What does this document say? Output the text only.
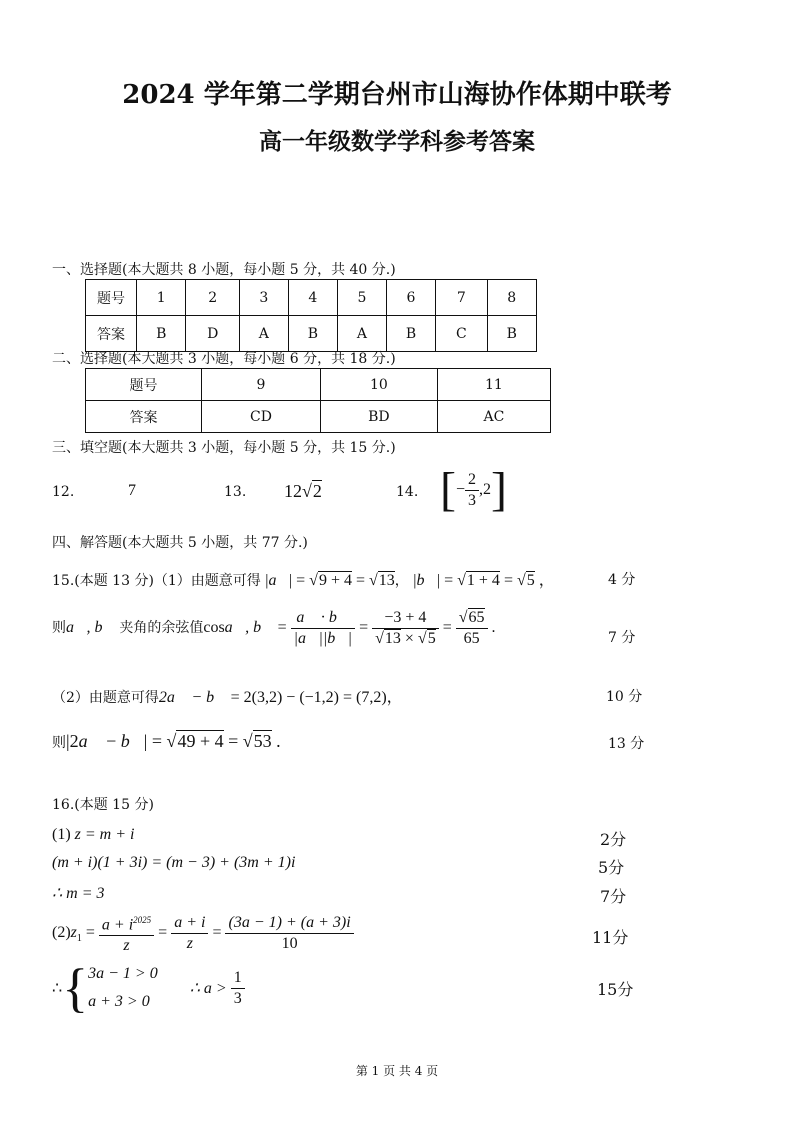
2024 学年第二学期台州市山海协作体期中联考
高一年级数学学科参考答案
一、选择题(本大题共 8 小题，每小题 5 分，共 40 分.)
题号	1	2	3	4	5	6	7	8
答案	B	D	A	B	A	B	C	B
二、选择题(本大题共 3 小题，每小题 6 分，共 18 分.)
题号	9	10	11
答案	CD	BD	AC
三、填空题(本大题共 3 小题，每小题 5 分，共 15 分.)
12.	7	13. 12√2	14. [− $\frac{2}{3} ,2$]
四、解答题(本大题共 5 小题，共 77 分.)
15.(本题 13 分)（1）由题意可得 |a⃗| = √9 + 4 = √13， |b⃗| = √1 + 4 = √5 ，	4 分
则a⃗, b⃗ 夹角的余弦值cosa⃗, b⃗ = $\frac{a⃗ \cdot b⃗}{|a⃗||b⃗|} = \frac{-3 + 4}{√13 \times √5} = \frac{√65}{65}$ .
7 分
（2）由题意可得2a⃗ − b⃗ = 2(3,2) − (−1,2) = (7,2)，	10 分
则|2a⃗ − b⃗| = √49 + 4 = √53 .	13 分
16.(本题 15 分)
(1) z = m + i	2分
(m + i)(1 + 3i) = (m − 3) + (3m + 1)i	5分
∴ m = 3	7分
$(2)z_1 = \frac{a + i^{2025}}{z} = \frac{a + i}{z} = \frac{(3a - 1) + (a + 3)i}{10}$	11分
∴{ 3a − 1 > 0
a + 3 > 0
∴ $a > \frac{1}{3}$	15分
第 1 页 共 4 页
